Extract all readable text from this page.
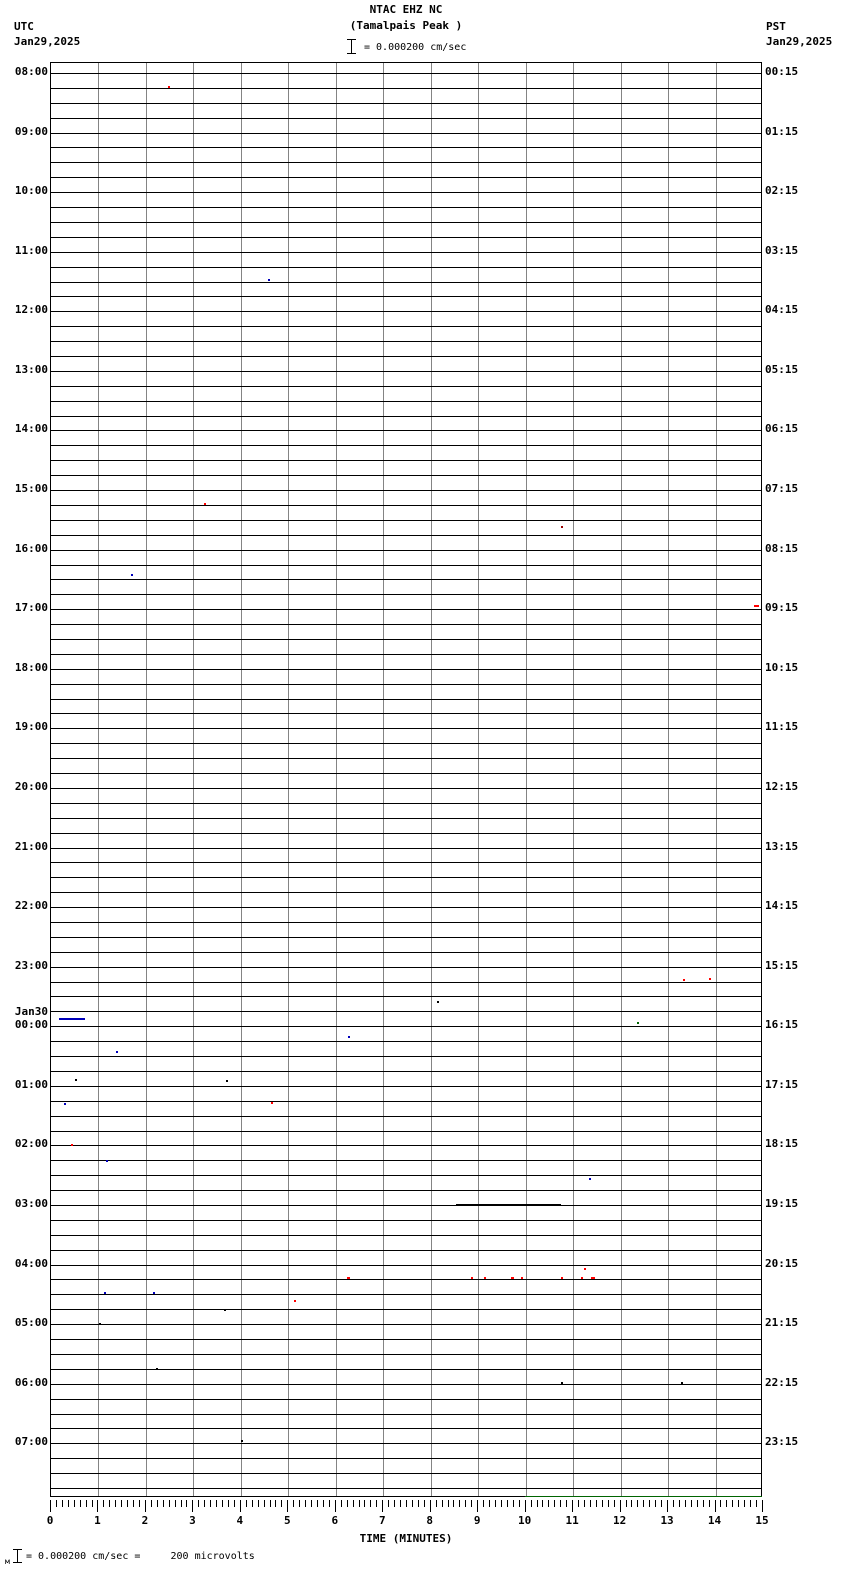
UTC
Jan29,2025
NTAC EHZ NC
(Tamalpais Peak )	PST
Jan29,2025
= 0.000200 cm/sec
08:00
09:00
10:00
11:00
12:00
13:00
14:00
15:00
16:00
17:00
18:00
19:00
20:00
21:00
22:00
23:00
Jan30
00:00
01:00
02:00
03:00
04:00
05:00
06:00
07:00
00:15
01:15
02:15
03:15
04:15
05:15
06:15
07:15
08:15
09:15
10:15
11:15
12:15
13:15
14:15
15:15
16:15
17:15
18:15
19:15
20:15
21:15
22:15
23:15
0	1	2	3	4	5	6	7	8	9	10	11	12	13	14	15
TIME (MINUTES)
м = 0.000200 cm/sec =     200 microvolts
